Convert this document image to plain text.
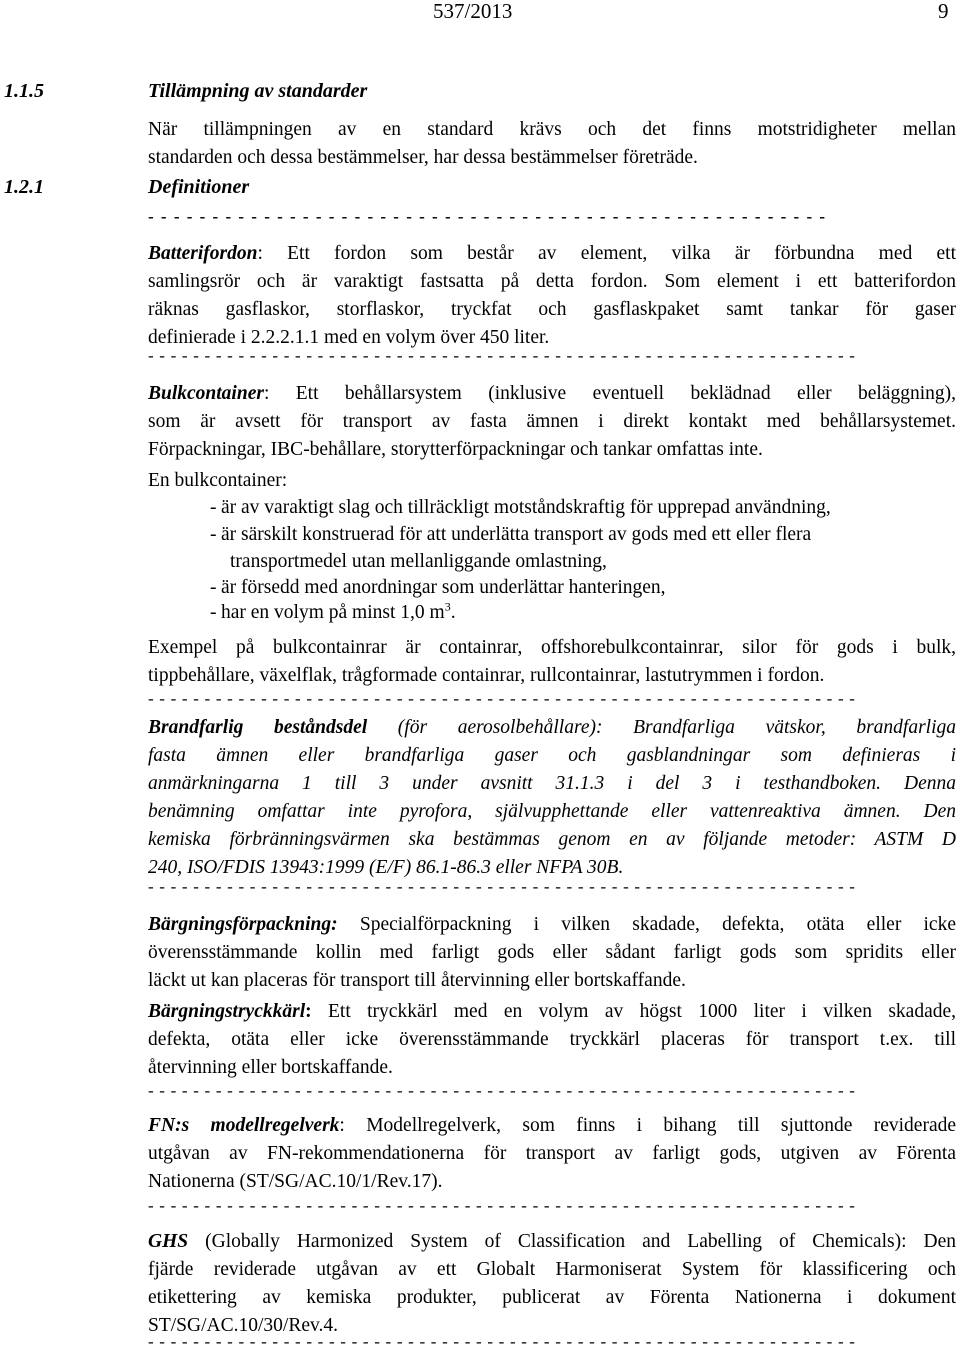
537/2013	9
1.1.5	Tillämpning av standarder
När tillämpningen av en standard krävs och det finns motstridigheter mellan
standarden och dessa bestämmelser, har dessa bestämmelser företräde.
1.2.1	Definitioner
- - - - - - - - - - - - - - - - - - - - - - - - - - - - - - - - - - - - - - - - - - - - - - - - - - - - -
Batterifordon: Ett fordon som består av element, vilka är förbundna med ett
samlingsrör och är varaktigt fastsatta på detta fordon. Som element i ett batterifordon
räknas gasflaskor, storflaskor, tryckfat och gasflaskpaket samt tankar för gaser
definierade i 2.2.2.1.1 med en volym över 450 liter.
- - - - - - - - - - - - - - - - - - - - - - - - - - - - - - - - - - - - - - - - - - - - - - - - - - - - - - - - - - - - - - -
Bulkcontainer: Ett behållarsystem (inklusive eventuell beklädnad eller beläggning),
som är avsett för transport av fasta ämnen i direkt kontakt med behållarsystemet.
Förpackningar, IBC-behållare, storytterförpackningar och tankar omfattas inte.
En bulkcontainer:
- är av varaktigt slag och tillräckligt motståndskraftig för upprepad användning,
- är särskilt konstruerad för att underlätta transport av gods med ett eller flera
transportmedel utan mellanliggande omlastning,
- är försedd med anordningar som underlättar hanteringen,
- har en volym på minst 1,0 $m^3$.
Exempel på bulkcontainrar är containrar, offshorebulkcontainrar, silor för gods i bulk,
tippbehållare, växelflak, trågformade containrar, rullcontainrar, lastutrymmen i fordon.
- - - - - - - - - - - - - - - - - - - - - - - - - - - - - - - - - - - - - - - - - - - - - - - - - - - - - - - - - - - - - - -
Brandfarlig beståndsdel (för aerosolbehållare): Brandfarliga vätskor, brandfarliga
fasta ämnen eller brandfarliga gaser och gasblandningar som definieras i
anmärkningarna 1 till 3 under avsnitt 31.1.3 i del 3 i testhandboken. Denna
benämning omfattar inte pyrofora, självupphettande eller vattenreaktiva ämnen. Den
kemiska förbränningsvärmen ska bestämmas genom en av följande metoder: ASTM D
240, ISO/FDIS 13943:1999 (E/F) 86.1-86.3 eller NFPA 30B.
- - - - - - - - - - - - - - - - - - - - - - - - - - - - - - - - - - - - - - - - - - - - - - - - - - - - - - - - - - - - - - -
Bärgningsförpackning: Specialförpackning i vilken skadade, defekta, otäta eller icke
överensstämmande kollin med farligt gods eller sådant farligt gods som spridits eller
läckt ut kan placeras för transport till återvinning eller bortskaffande.
Bärgningstryckkärl: Ett tryckkärl med en volym av högst 1000 liter i vilken skadade,
defekta, otäta eller icke överensstämmande tryckkärl placeras för transport t.ex. till
återvinning eller bortskaffande.
- - - - - - - - - - - - - - - - - - - - - - - - - - - - - - - - - - - - - - - - - - - - - - - - - - - - - - - - - - - - - - -
FN:s modellregelverk: Modellregelverk, som finns i bihang till sjuttonde reviderade
utgåvan av FN-rekommendationerna för transport av farligt gods, utgiven av Förenta
Nationerna (ST/SG/AC.10/1/Rev.17).
- - - - - - - - - - - - - - - - - - - - - - - - - - - - - - - - - - - - - - - - - - - - - - - - - - - - - - - - - - - - - - -
GHS (Globally Harmonized System of Classification and Labelling of Chemicals): Den
fjärde reviderade utgåvan av ett Globalt Harmoniserat System för klassificering och
etikettering av kemiska produkter, publicerat av Förenta Nationerna i dokument
ST/SG/AC.10/30/Rev.4.
- - - - - - - - - - - - - - - - - - - - - - - - - - - - - - - - - - - - - - - - - - - - - - - - - - - - - - - - - - - - - - -
